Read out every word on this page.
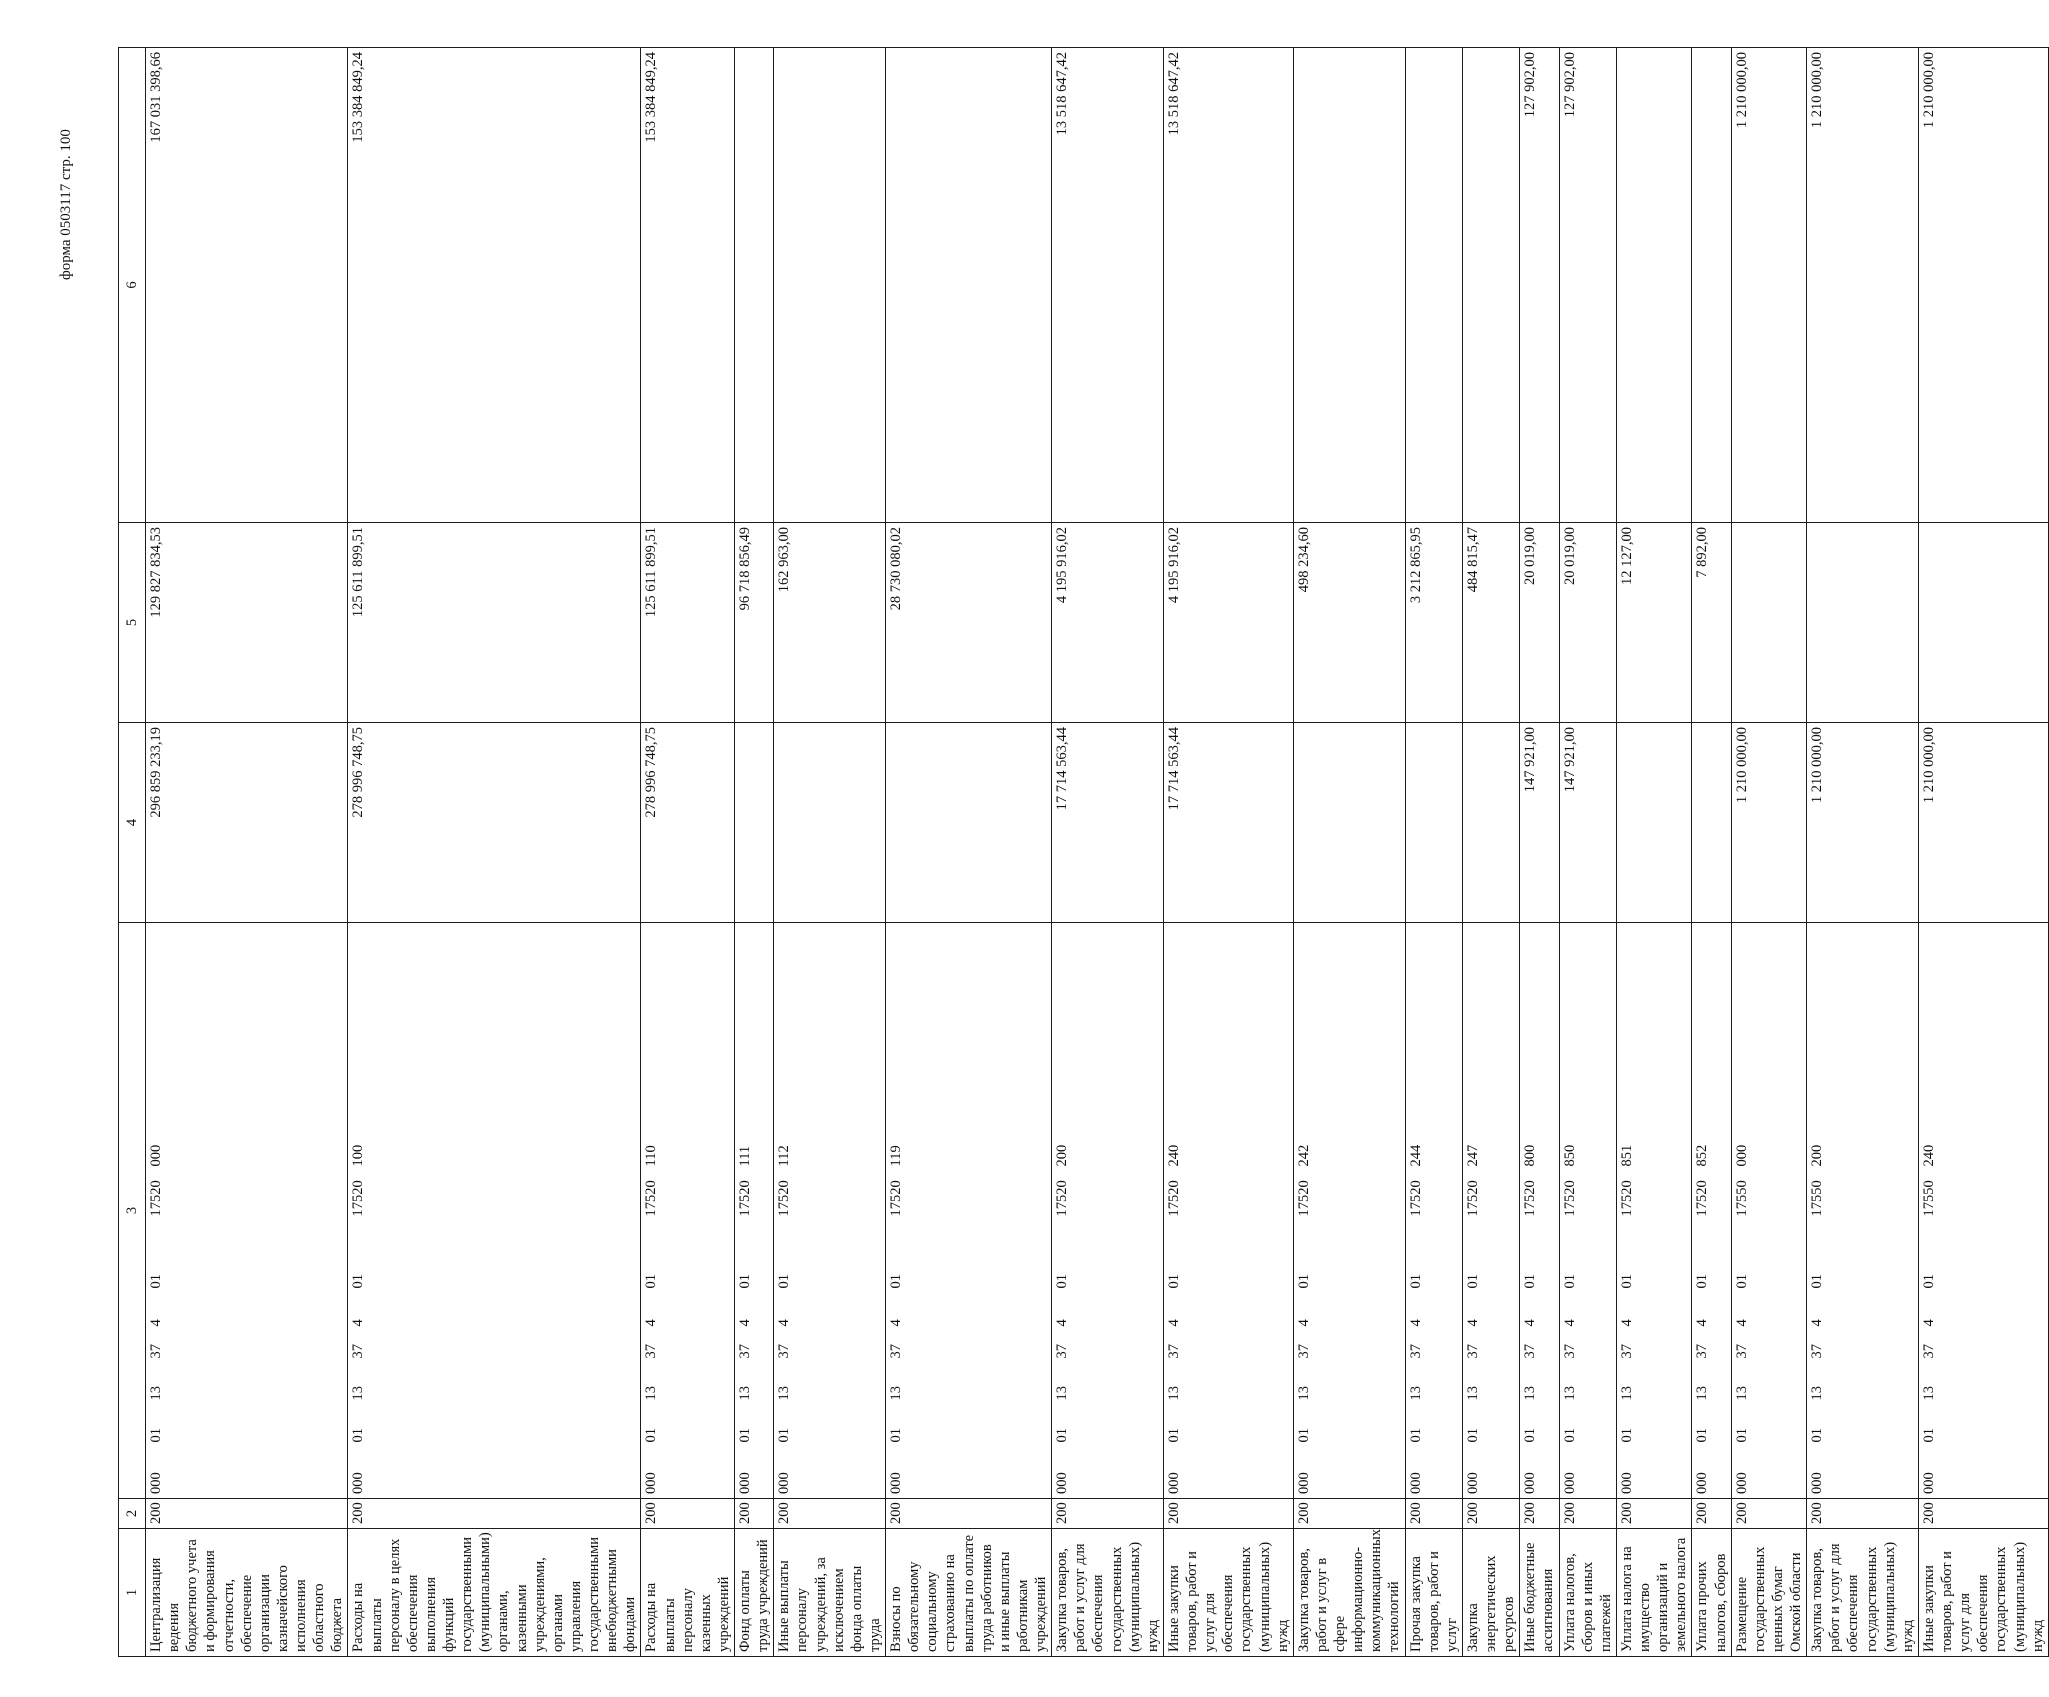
форма 0503117 стр. 100
1	2	3								4	5	6
Централизация ведения бюджетного учета и формирования отчетности, обеспечение организации казначейского исполнения областного бюджета	200	000	01	13	37	4	01	17520	000	296 859 233,19	129 827 834,53	167 031 398,66
Расходы на выплаты персоналу в целях обеспечения выполнения функций государственными (муниципальными) органами, казенными учреждениями, органами управления государственными внебюджетными фондами	200	000	01	13	37	4	01	17520	100	278 996 748,75	125 611 899,51	153 384 849,24
Расходы на выплаты персоналу казенных учреждений	200	000	01	13	37	4	01	17520	110	278 996 748,75	125 611 899,51	153 384 849,24
Фонд оплаты труда учреждений	200	000	01	13	37	4	01	17520	111		96 718 856,49	
Иные выплаты персоналу учреждений, за исключением фонда оплаты труда	200	000	01	13	37	4	01	17520	112		162 963,00	
Взносы по обязательному социальному страхованию на выплаты по оплате труда работников и иные выплаты работникам учреждений	200	000	01	13	37	4	01	17520	119		28 730 080,02	
Закупка товаров, работ и услуг для обеспечения государственных (муниципальных) нужд	200	000	01	13	37	4	01	17520	200	17 714 563,44	4 195 916,02	13 518 647,42
Иные закупки товаров, работ и услуг для обеспечения государственных (муниципальных) нужд	200	000	01	13	37	4	01	17520	240	17 714 563,44	4 195 916,02	13 518 647,42
Закупка товаров, работ и услуг в сфере информационно-коммуникационных технологий	200	000	01	13	37	4	01	17520	242		498 234,60	
Прочая закупка товаров, работ и услуг	200	000	01	13	37	4	01	17520	244		3 212 865,95	
Закупка энергетических ресурсов	200	000	01	13	37	4	01	17520	247		484 815,47	
Иные бюджетные ассигнования	200	000	01	13	37	4	01	17520	800	147 921,00	20 019,00	127 902,00
Уплата налогов, сборов и иных платежей	200	000	01	13	37	4	01	17520	850	147 921,00	20 019,00	127 902,00
Уплата налога на имущество организаций и земельного налога	200	000	01	13	37	4	01	17520	851		12 127,00	
Уплата прочих налогов, сборов	200	000	01	13	37	4	01	17520	852		7 892,00	
Размещение государственных ценных бумаг Омской области	200	000	01	13	37	4	01	17550	000	1 210 000,00		1 210 000,00
Закупка товаров, работ и услуг для обеспечения государственных (муниципальных) нужд	200	000	01	13	37	4	01	17550	200	1 210 000,00		1 210 000,00
Иные закупки товаров, работ и услуг для обеспечения государственных (муниципальных) нужд	200	000	01	13	37	4	01	17550	240	1 210 000,00		1 210 000,00
